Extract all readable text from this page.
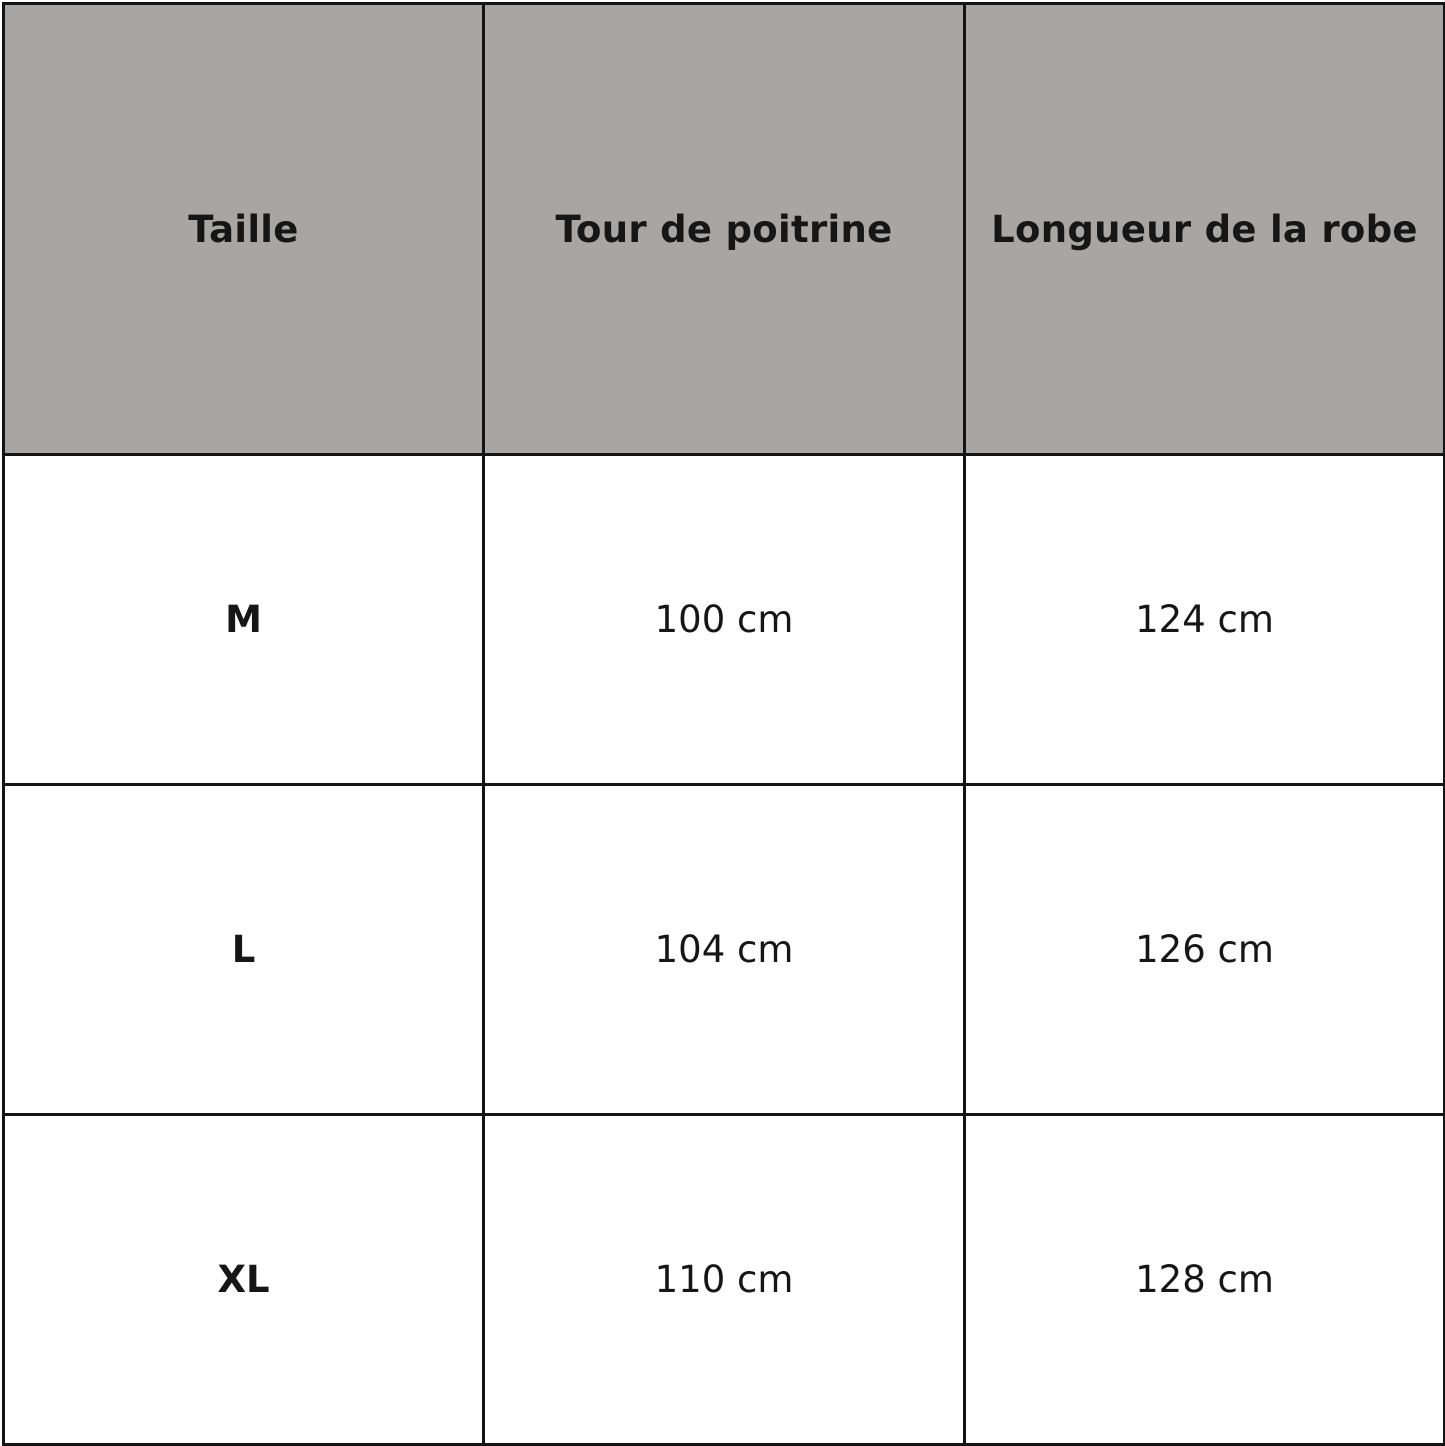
Taille	Tour de poitrine	Longueur de la robe
M	100 cm	124 cm
L	104 cm	126 cm
XL	110 cm	128 cm
